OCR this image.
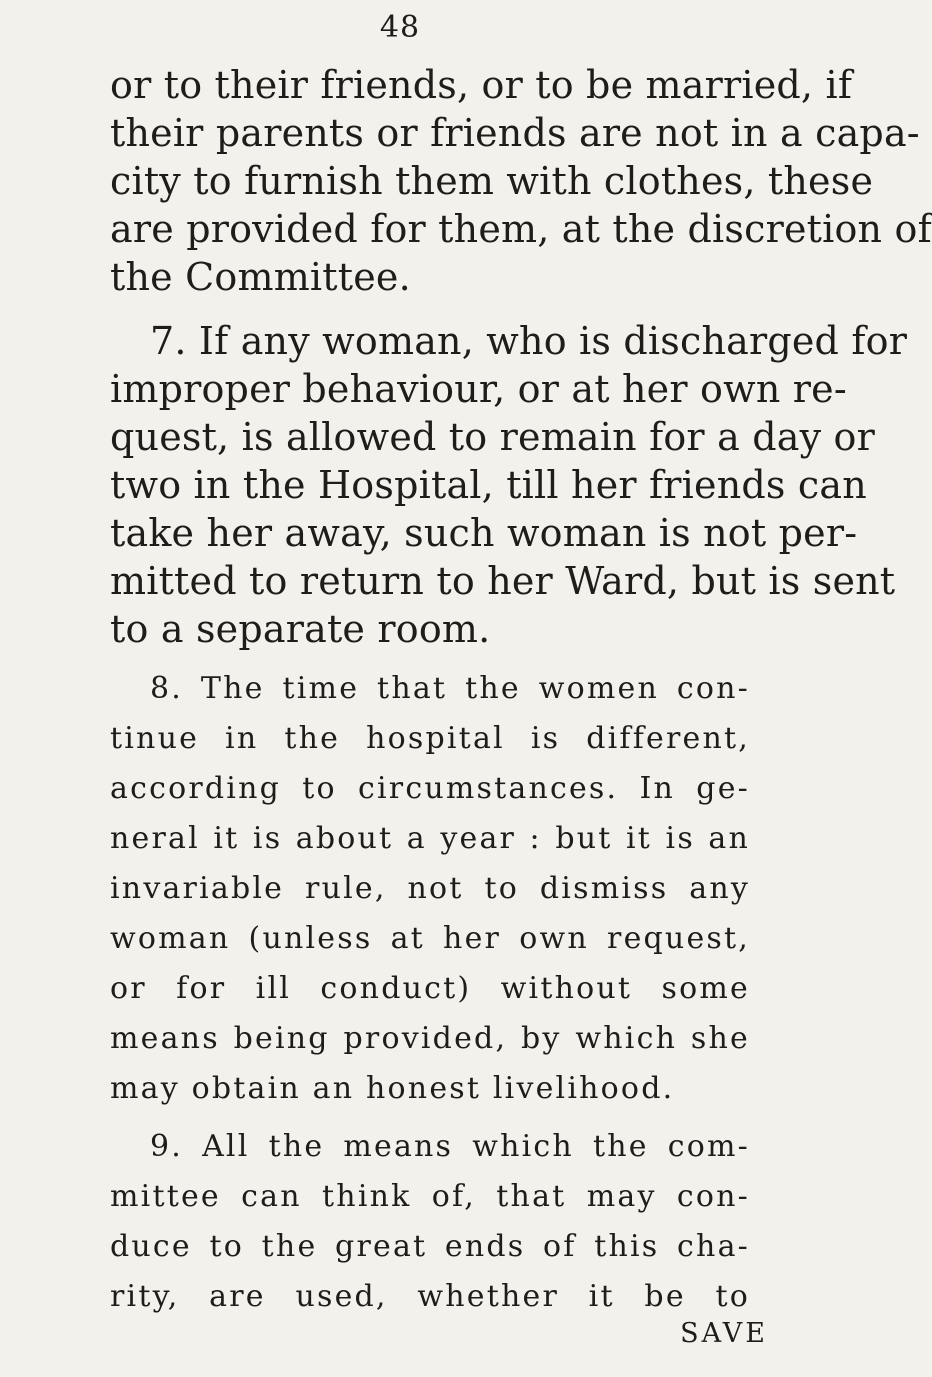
48
or to their friends, or to be married, if
their parents or friends are not in a capa-
city to furnish them with clothes, these
are provided for them, at the discretion of
the Committee.
7. If any woman, who is discharged for
improper behaviour, or at her own re-
quest, is allowed to remain for a day or
two in the Hospital, till her friends can
take her away, such woman is not per-
mitted to return to her Ward, but is sent
to a separate room.
8. The time that the women con-
tinue in the hospital is different,
according to circumstances. In ge-
neral it is about a year : but it is an
invariable rule, not to dismiss any
woman (unless at her own request,
or for ill conduct) without some
means being provided, by which she
may obtain an honest livelihood.
9. All the means which the com-
mittee can think of, that may con-
duce to the great ends of this cha-
rity, are used, whether it be to
SAVE
